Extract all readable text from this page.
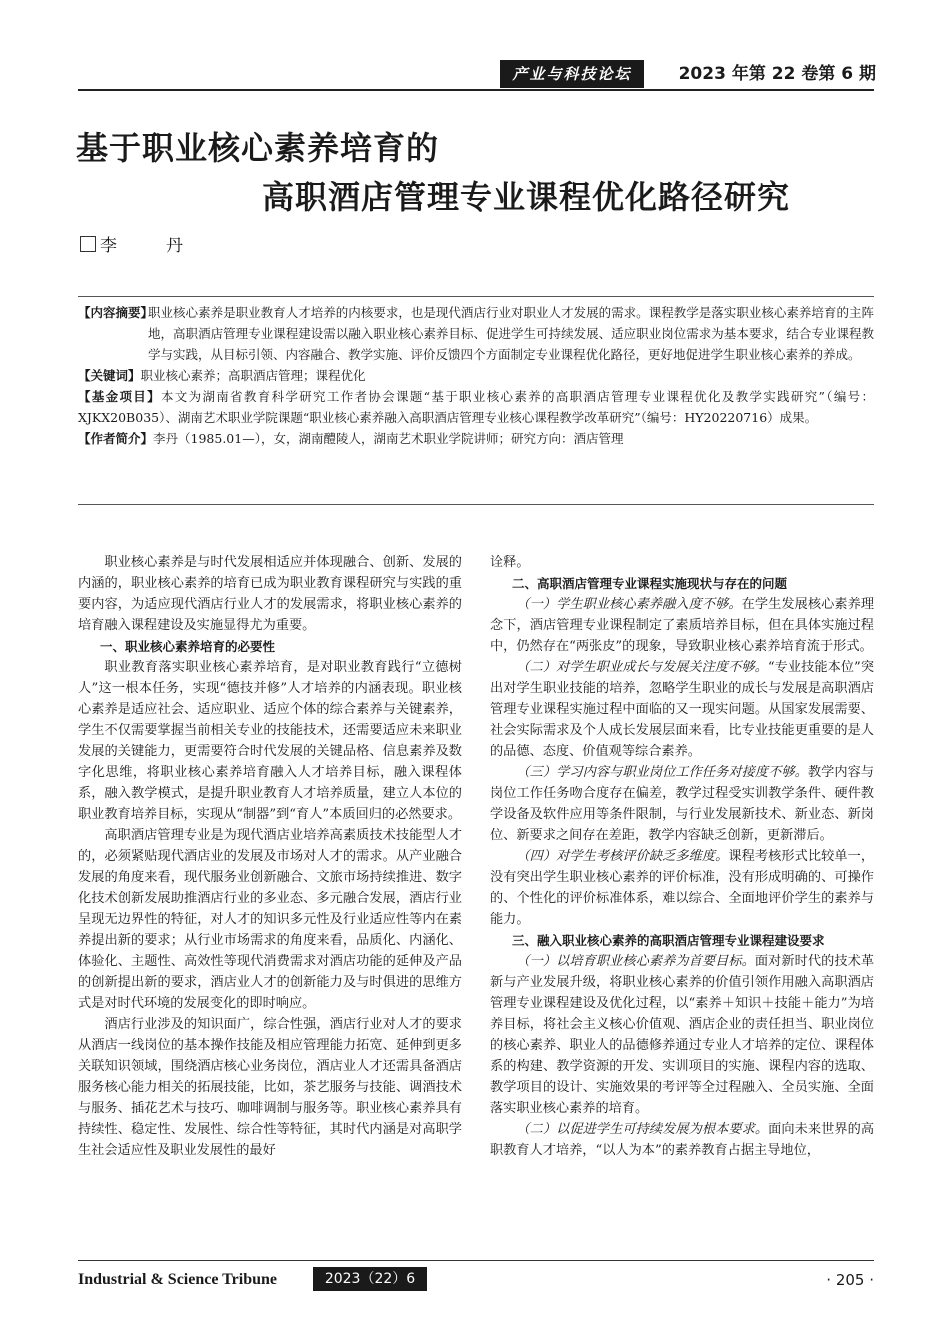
产业与科技论坛	2023 年第 22 卷第 6 期
基于职业核心素养培育的
高职酒店管理专业课程优化路径研究
李　丹
【内容摘要】
职业核心素养是职业教育人才培养的内核要求，也是现代酒店行业对职业人才发展的需求。课程教学是落实职业核心素养培育的主阵地，高职酒店管理专业课程建设需以融入职业核心素养目标、促进学生可持续发展、适应职业岗位需求为基本要求，结合专业课程教学与实践，从目标引领、内容融合、教学实施、评价反馈四个方面制定专业课程优化路径，更好地促进学生职业核心素养的养成。
【关键词】职业核心素养；高职酒店管理；课程优化
【基金项目】本文为湖南省教育科学研究工作者协会课题“基于职业核心素养的高职酒店管理专业课程优化及教学实践研究”（编号：XJKX20B035）、湖南艺术职业学院课题“职业核心素养融入高职酒店管理专业核心课程教学改革研究”（编号：HY20220716）成果。
【作者简介】李丹（1985.01—），女，湖南醴陵人，湖南艺术职业学院讲师；研究方向：酒店管理

职业核心素养是与时代发展相适应并体现融合、创新、发展的内涵的，职业核心素养的培育已成为职业教育课程研究与实践的重要内容，为适应现代酒店行业人才的发展需求，将职业核心素养的培育融入课程建设及实施显得尤为重要。

一、职业核心素养培育的必要性

职业教育落实职业核心素养培育，是对职业教育践行“立德树人”这一根本任务，实现“德技并修”人才培养的内涵表现。职业核心素养是适应社会、适应职业、适应个体的综合素养与关键素养，学生不仅需要掌握当前相关专业的技能技术，还需要适应未来职业发展的关键能力，更需要符合时代发展的关键品格、信息素养及数字化思维，将职业核心素养培育融入人才培养目标，融入课程体系，融入教学模式，是提升职业教育人才培养质量，建立人本位的职业教育培养目标，实现从“制器”到“育人”本质回归的必然要求。

高职酒店管理专业是为现代酒店业培养高素质技术技能型人才的，必须紧贴现代酒店业的发展及市场对人才的需求。从产业融合发展的角度来看，现代服务业创新融合、文旅市场持续推进、数字化技术创新发展助推酒店行业的多业态、多元融合发展，酒店行业呈现无边界性的特征，对人才的知识多元性及行业适应性等内在素养提出新的要求；从行业市场需求的角度来看，品质化、内涵化、体验化、主题性、高效性等现代消费需求对酒店功能的延伸及产品的创新提出新的要求，酒店业人才的创新能力及与时俱进的思维方式是对时代环境的发展变化的即时响应。

酒店行业涉及的知识面广，综合性强，酒店行业对人才的要求从酒店一线岗位的基本操作技能及相应管理能力拓宽、延伸到更多关联知识领域，围绕酒店核心业务岗位，酒店业人才还需具备酒店服务核心能力相关的拓展技能，比如，茶艺服务与技能、调酒技术与服务、插花艺术与技巧、咖啡调制与服务等。职业核心素养具有持续性、稳定性、发展性、综合性等特征，其时代内涵是对高职学生社会适应性及职业发展性的最好

诠释。

二、高职酒店管理专业课程实施现状与存在的问题

（一）学生职业核心素养融入度不够。在学生发展核心素养理念下，酒店管理专业课程制定了素质培养目标，但在具体实施过程中，仍然存在“两张皮”的现象，导致职业核心素养培育流于形式。

（二）对学生职业成长与发展关注度不够。“专业技能本位”突出对学生职业技能的培养，忽略学生职业的成长与发展是高职酒店管理专业课程实施过程中面临的又一现实问题。从国家发展需要、社会实际需求及个人成长发展层面来看，比专业技能更重要的是人的品德、态度、价值观等综合素养。

（三）学习内容与职业岗位工作任务对接度不够。教学内容与岗位工作任务吻合度存在偏差，教学过程受实训教学条件、硬件教学设备及软件应用等条件限制，与行业发展新技术、新业态、新岗位、新要求之间存在差距，教学内容缺乏创新，更新滞后。

（四）对学生考核评价缺乏多维度。课程考核形式比较单一，没有突出学生职业核心素养的评价标准，没有形成明确的、可操作的、个性化的评价标准体系，难以综合、全面地评价学生的素养与能力。

三、融入职业核心素养的高职酒店管理专业课程建设要求

（一）以培育职业核心素养为首要目标。面对新时代的技术革新与产业发展升级，将职业核心素养的价值引领作用融入高职酒店管理专业课程建设及优化过程，以“素养＋知识＋技能＋能力”为培养目标，将社会主义核心价值观、酒店企业的责任担当、职业岗位的核心素养、职业人的品德修养通过专业人才培养的定位、课程体系的构建、教学资源的开发、实训项目的实施、课程内容的选取、教学项目的设计、实施效果的考评等全过程融入、全员实施、全面落实职业核心素养的培育。

（二）以促进学生可持续发展为根本要求。面向未来世界的高职教育人才培养，“以人为本”的素养教育占据主导地位，

Industrial & Science Tribune	2023（22）6	· 205 ·
